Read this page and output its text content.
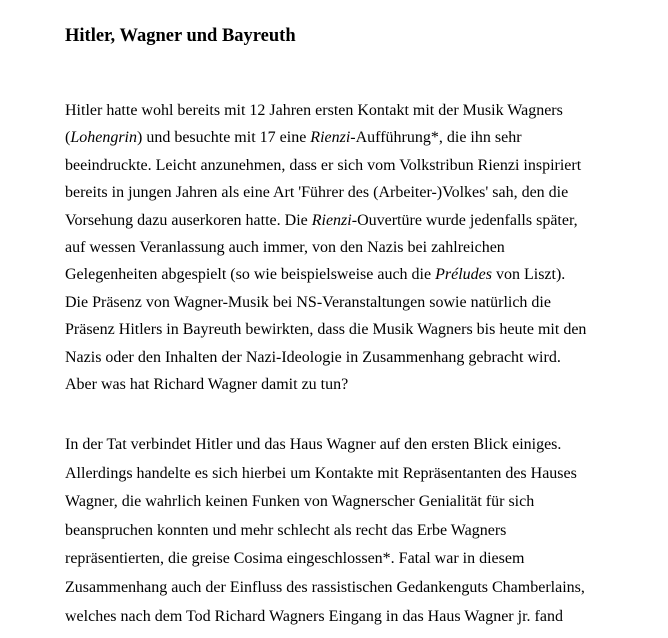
Hitler, Wagner und Bayreuth
Hitler hatte wohl bereits mit 12 Jahren ersten Kontakt mit der Musik Wagners
(Lohengrin) und besuchte mit 17 eine Rienzi-Aufführung*, die ihn sehr
beeindruckte. Leicht anzunehmen, dass er sich vom Volkstribun Rienzi inspiriert
bereits in jungen Jahren als eine Art 'Führer des (Arbeiter-)Volkes' sah, den die
Vorsehung dazu auserkoren hatte. Die Rienzi-Ouvertüre wurde jedenfalls später,
auf wessen Veranlassung auch immer, von den Nazis bei zahlreichen
Gelegenheiten abgespielt (so wie beispielsweise auch die Préludes von Liszt).
Die Präsenz von Wagner-Musik bei NS-Veranstaltungen sowie natürlich die
Präsenz Hitlers in Bayreuth bewirkten, dass die Musik Wagners bis heute mit den
Nazis oder den Inhalten der Nazi-Ideologie in Zusammenhang gebracht wird.
Aber was hat Richard Wagner damit zu tun?
In der Tat verbindet Hitler und das Haus Wagner auf den ersten Blick einiges.
Allerdings handelte es sich hierbei um Kontakte mit Repräsentanten des Hauses
Wagner, die wahrlich keinen Funken von Wagnerscher Genialität für sich
beanspruchen konnten und mehr schlecht als recht das Erbe Wagners
repräsentierten, die greise Cosima eingeschlossen*. Fatal war in diesem
Zusammenhang auch der Einfluss des rassistischen Gedankenguts Chamberlains,
welches nach dem Tod Richard Wagners Eingang in das Haus Wagner jr. fand
